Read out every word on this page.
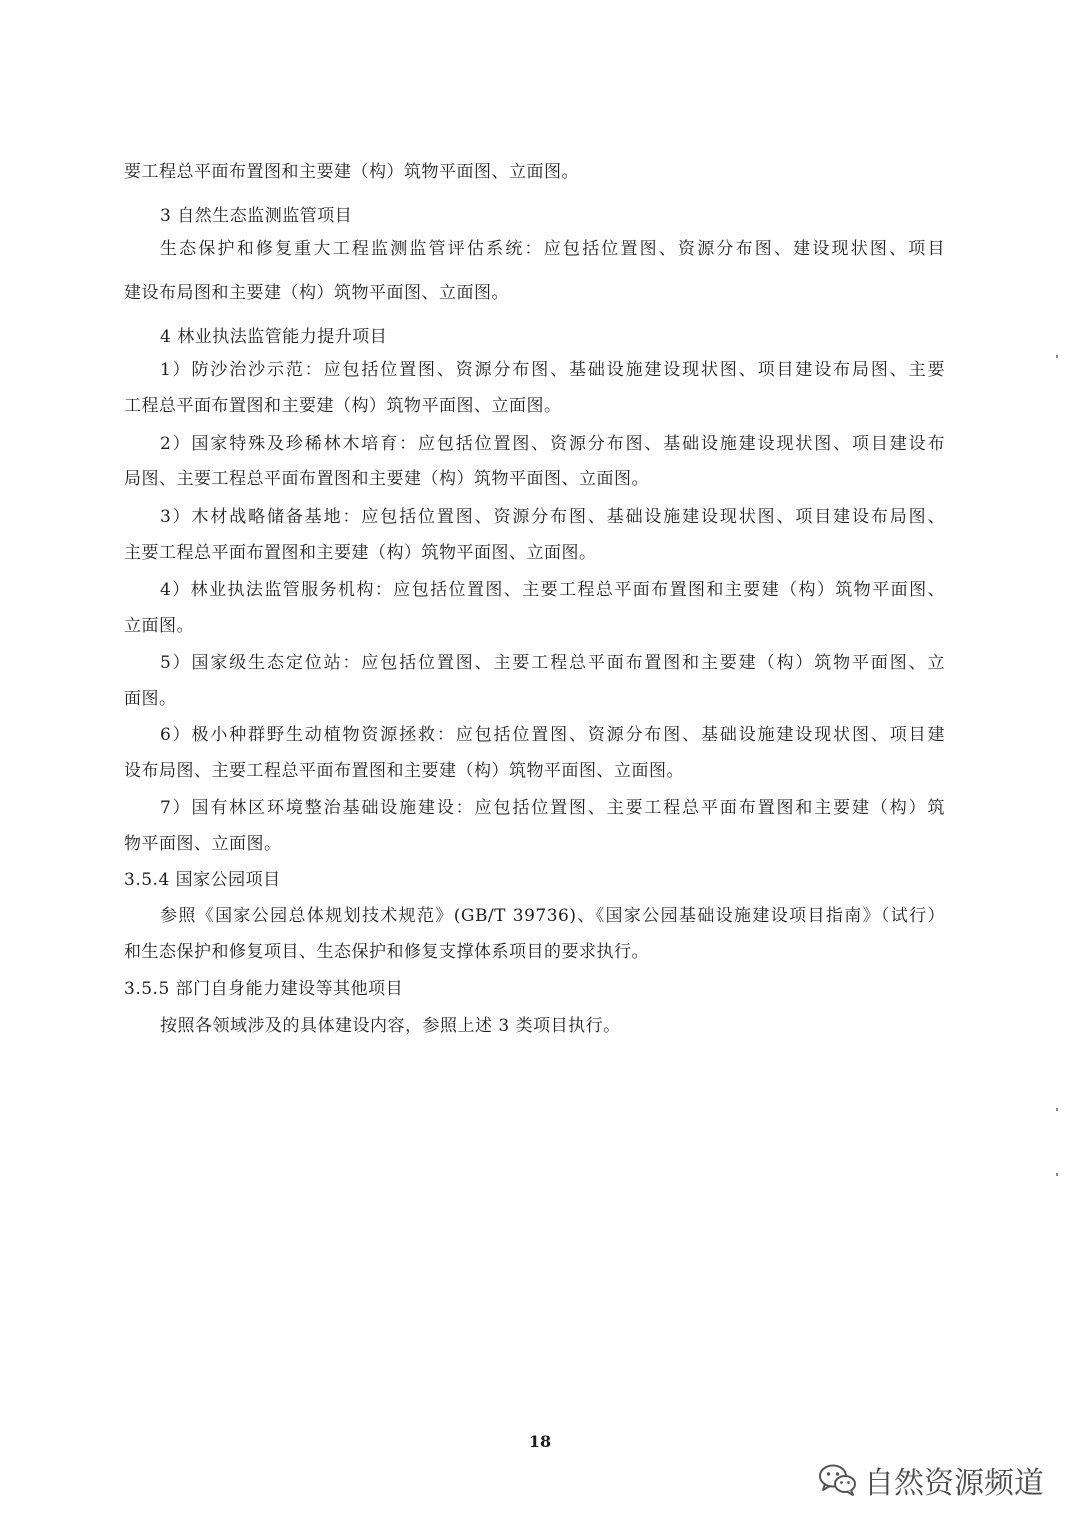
要工程总平面布置图和主要建（构）筑物平面图、立面图。
3 自然生态监测监管项目
生态保护和修复重大工程监测监管评估系统：应包括位置图、资源分布图、建设现状图、项目
建设布局图和主要建（构）筑物平面图、立面图。
4 林业执法监管能力提升项目
1）防沙治沙示范：应包括位置图、资源分布图、基础设施建设现状图、项目建设布局图、主要
工程总平面布置图和主要建（构）筑物平面图、立面图。
2）国家特殊及珍稀林木培育：应包括位置图、资源分布图、基础设施建设现状图、项目建设布
局图、主要工程总平面布置图和主要建（构）筑物平面图、立面图。
3）木材战略储备基地：应包括位置图、资源分布图、基础设施建设现状图、项目建设布局图、
主要工程总平面布置图和主要建（构）筑物平面图、立面图。
4）林业执法监管服务机构：应包括位置图、主要工程总平面布置图和主要建（构）筑物平面图、
立面图。
5）国家级生态定位站：应包括位置图、主要工程总平面布置图和主要建（构）筑物平面图、立
面图。
6）极小种群野生动植物资源拯救：应包括位置图、资源分布图、基础设施建设现状图、项目建
设布局图、主要工程总平面布置图和主要建（构）筑物平面图、立面图。
7）国有林区环境整治基础设施建设：应包括位置图、主要工程总平面布置图和主要建（构）筑
物平面图、立面图。
3.5.4 国家公园项目
参照《国家公园总体规划技术规范》(GB/T 39736)、《国家公园基础设施建设项目指南》（试行）
和生态保护和修复项目、生态保护和修复支撑体系项目的要求执行。
3.5.5 部门自身能力建设等其他项目
按照各领域涉及的具体建设内容，参照上述 3 类项目执行。
18
自然资源频道
